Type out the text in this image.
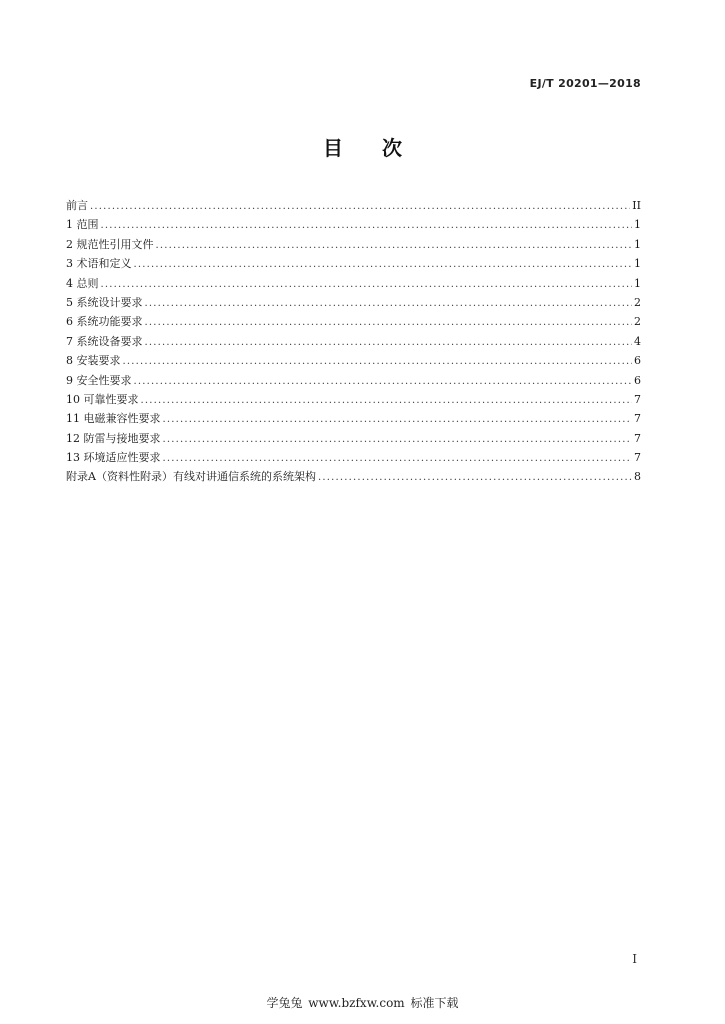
EJ/T 20201—2018
目 次
前言 .....	II
1 范围 .....	1
2 规范性引用文件 .....	1
3 术语和定义 .....	1
4 总则 .....	1
5 系统设计要求 .....	2
6 系统功能要求 .....	2
7 系统设备要求 .....	4
8 安装要求 .....	6
9 安全性要求 .....	6
10 可靠性要求 .....	7
11 电磁兼容性要求 .....	7
12 防雷与接地要求 .....	7
13 环境适应性要求 .....	7
附录A（资料性附录）有线对讲通信系统的系统架构 .....	8
I
学兔兔 www.bzfxw.com 标准下载
